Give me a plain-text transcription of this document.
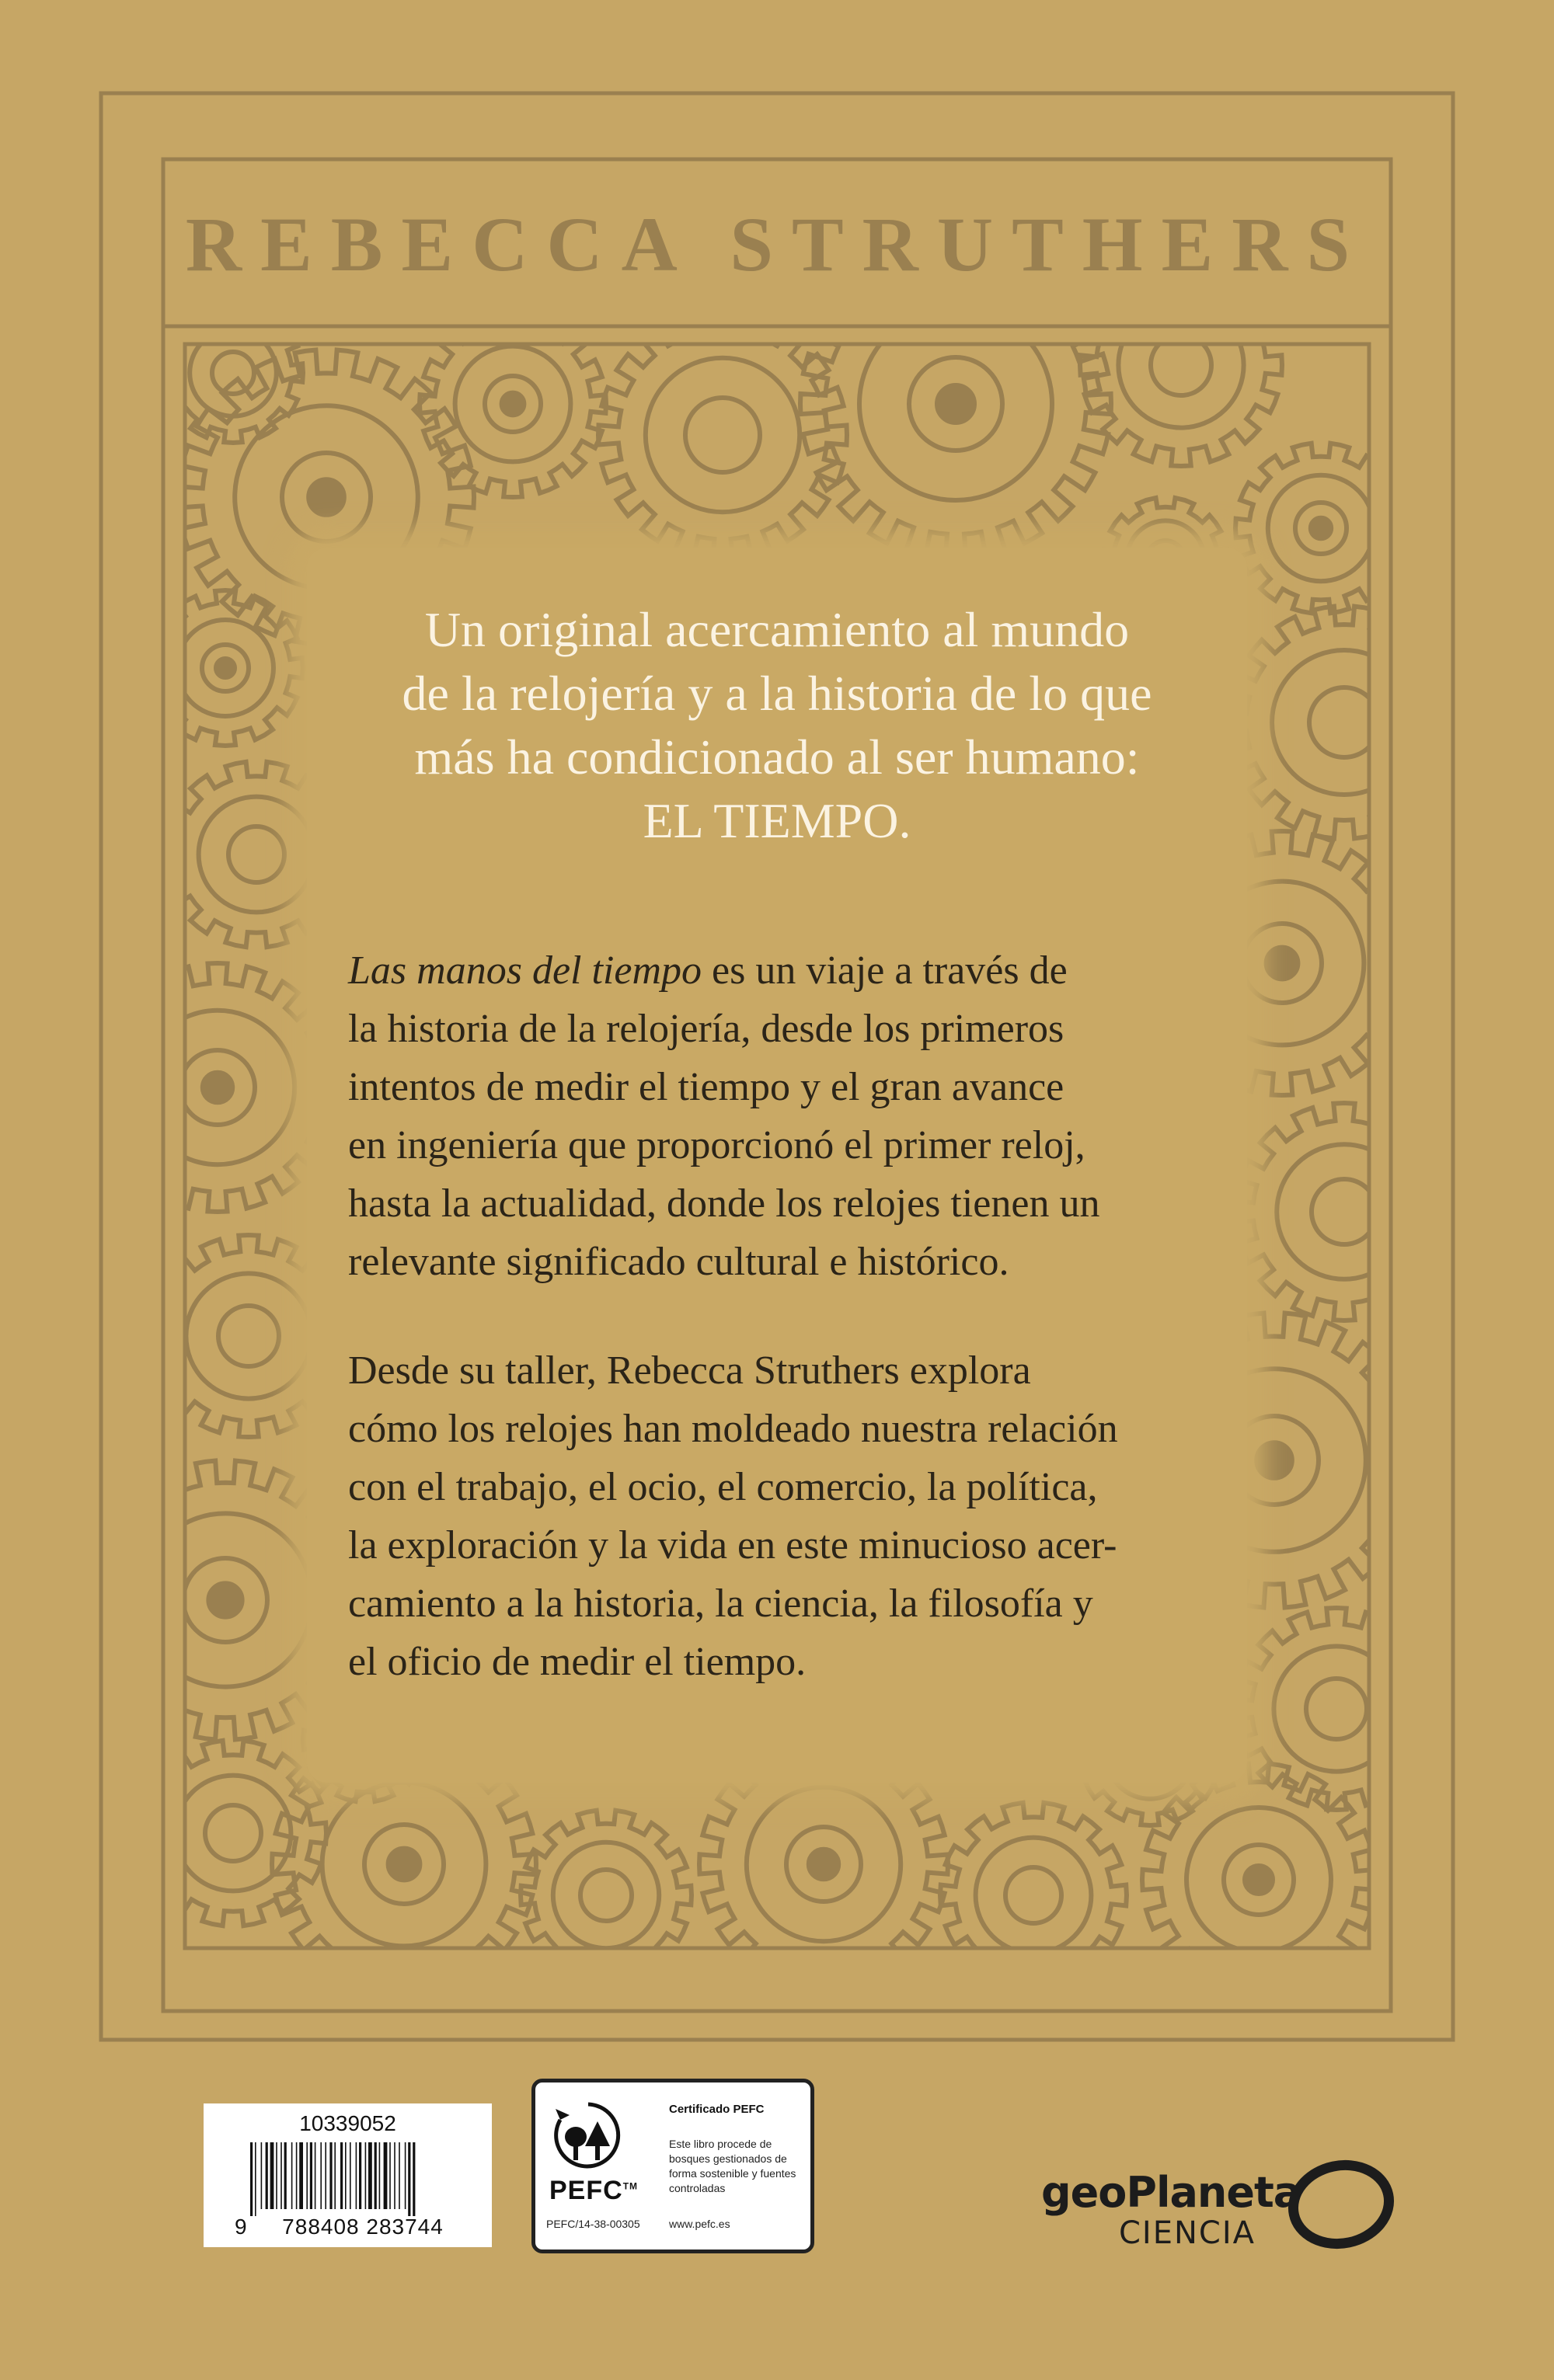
REBECCA STRUTHERS
Un original acercamiento al mundo
de la relojería y a la historia de lo que
más ha condicionado al ser humano:
EL TIEMPO.
Las manos del tiempo es un viaje a través de
la historia de la relojería, desde los primeros
intentos de medir el tiempo y el gran avance
en ingeniería que proporcionó el primer reloj,
hasta la actualidad, donde los relojes tienen un
relevante significado cultural e histórico.
Desde su taller, Rebecca Struthers explora
cómo los relojes han moldeado nuestra relación
con el trabajo, el ocio, el comercio, la política,
la exploración y la vida en este minucioso acer-
camiento a la historia, la ciencia, la filosofía y
el oficio de medir el tiempo.
10339052
9	788408 283744
PEFC™
PEFC/14-38-00305
Certificado PEFC
Este libro procede de
bosques gestionados de
forma sostenible y fuentes
controladas
www.pefc.es
geoPlaneta
CIENCIA
